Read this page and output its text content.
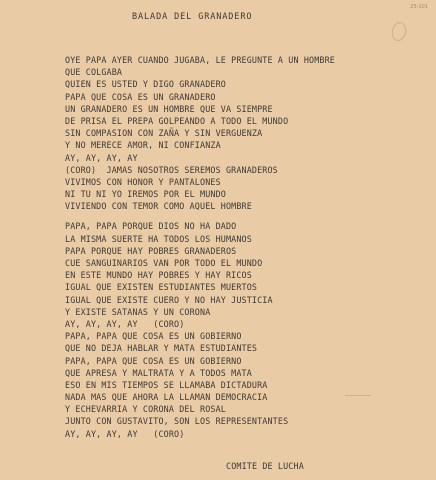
25-101
BALADA DEL GRANADERO
OYE PAPA AYER CUANDO JUGABA, LE PREGUNTE A UN HOMBRE
QUE COLGABA
QUIEN ES USTED Y DIGO GRANADERO
PAPA QUE COSA ES UN GRANADERO
UN GRANADERO ES UN HOMBRE QUE VA SIEMPRE
DE PRISA EL PREPA GOLPEANDO A TODO EL MUNDO
SIN COMPASION CON ZAÑA Y SIN VERGUENZA
Y NO MERECE AMOR, NI CONFIANZA
AY, AY, AY, AY
(CORO)  JAMAS NOSOTROS SEREMOS GRANADEROS
VIVIMOS CON HONOR Y PANTALONES
NI TU NI YO IREMOS POR EL MUNDO
VIVIENDO CON TEMOR COMO AQUEL HOMBRE
PAPA, PAPA PORQUE DIOS NO HA DADO
LA MISMA SUERTE HA TODOS LOS HUMANOS
PAPA PORQUE HAY POBRES GRANADEROS
CUE SANGUINARIOS VAN POR TODO EL MUNDO
EN ESTE MUNDO HAY POBRES Y HAY RICOS
IGUAL QUE EXISTEN ESTUDIANTES MUERTOS
IGUAL QUE EXISTE CUERO Y NO HAY JUSTICIA
Y EXISTE SATANAS Y UN CORONA
AY, AY, AY, AY   (CORO)
PAPA, PAPA QUE COSA ES UN GOBIERNO
QUE NO DEJA HABLAR Y MATA ESTUDIANTES
PAPA, PAPA QUE COSA ES UN GOBIERNO
QUE APRESA Y MALTRATA Y A TODOS MATA
ESO EN MIS TIEMPOS SE LLAMABA DICTADURA
NADA MAS QUE AHORA LA LLAMAN DEMOCRACIA
Y ECHEVARRIA Y CORONA DEL ROSAL
JUNTO CON GUSTAVITO, SON LOS REPRESENTANTES
AY, AY, AY, AY   (CORO)
COMITE DE LUCHA
